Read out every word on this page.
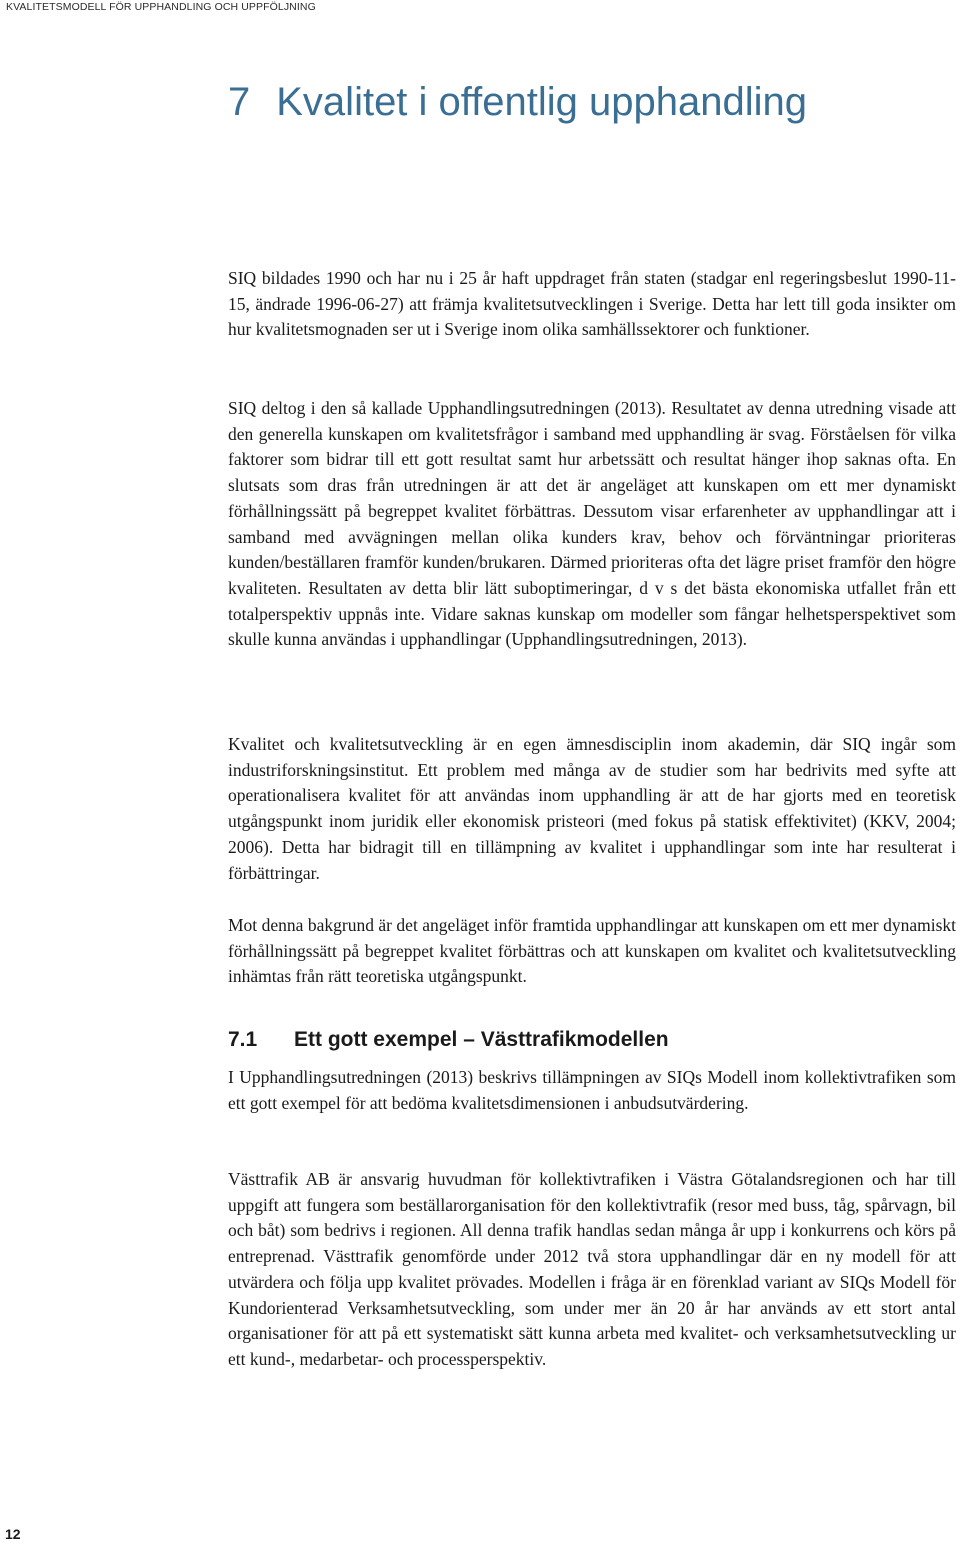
KVALITETSMODELL FÖR UPPHANDLING OCH UPPFÖLJNING
7 Kvalitet i offentlig upphandling

SIQ bildades 1990 och har nu i 25 år haft uppdraget från staten (stadgar enl regeringsbeslut 1990-11-15, ändrade 1996-06-27) att främja kvalitetsutvecklingen i Sverige. Detta har lett till goda insikter om hur kvalitetsmognaden ser ut i Sverige inom olika samhällssektorer och funktioner.

SIQ deltog i den så kallade Upphandlingsutredningen (2013). Resultatet av denna utredning visade att den generella kunskapen om kvalitetsfrågor i samband med upphandling är svag. Förståelsen för vilka faktorer som bidrar till ett gott resultat samt hur arbetssätt och resultat hänger ihop saknas ofta. En slutsats som dras från utredningen är att det är angeläget att kunskapen om ett mer dynamiskt förhållningssätt på begreppet kvalitet förbättras. Dessutom visar erfarenheter av upphandlingar att i samband med avvägningen mellan olika kunders krav, behov och förväntningar prioriteras kunden/beställaren framför kunden/brukaren. Därmed prioriteras ofta det lägre priset framför den högre kvaliteten. Resultaten av detta blir lätt suboptimeringar, d v s det bästa ekonomiska utfallet från ett totalperspektiv uppnås inte. Vidare saknas kunskap om modeller som fångar helhetsperspektivet som skulle kunna användas i upphandlingar (Upphandlingsutredningen, 2013).

Kvalitet och kvalitetsutveckling är en egen ämnesdisciplin inom akademin, där SIQ ingår som industriforskningsinstitut. Ett problem med många av de studier som har bedrivits med syfte att operationalisera kvalitet för att användas inom upphandling är att de har gjorts med en teoretisk utgångspunkt inom juridik eller ekonomisk pristeori (med fokus på statisk effektivitet) (KKV, 2004; 2006). Detta har bidragit till en tillämpning av kvalitet i upphandlingar som inte har resulterat i förbättringar.

Mot denna bakgrund är det angeläget inför framtida upphandlingar att kunskapen om ett mer dynamiskt förhållningssätt på begreppet kvalitet förbättras och att kunskapen om kvalitet och kvalitetsutveckling inhämtas från rätt teoretiska utgångspunkt.

7.1 Ett gott exempel – Västtrafikmodellen

I Upphandlingsutredningen (2013) beskrivs tillämpningen av SIQs Modell inom kollektivtrafiken som ett gott exempel för att bedöma kvalitetsdimensionen i anbudsutvärdering.

Västtrafik AB är ansvarig huvudman för kollektivtrafiken i Västra Götalandsregionen och har till uppgift att fungera som beställarorganisation för den kollektivtrafik (resor med buss, tåg, spårvagn, bil och båt) som bedrivs i regionen. All denna trafik handlas sedan många år upp i konkurrens och körs på entreprenad. Västtrafik genomförde under 2012 två stora upphandlingar där en ny modell för att utvärdera och följa upp kvalitet prövades. Modellen i fråga är en förenklad variant av SIQs Modell för Kundorienterad Verksamhetsutveckling, som under mer än 20 år har används av ett stort antal organisationer för att på ett systematiskt sätt kunna arbeta med kvalitet- och verksamhetsutveckling ur ett kund-, medarbetar- och processperspektiv.

12
